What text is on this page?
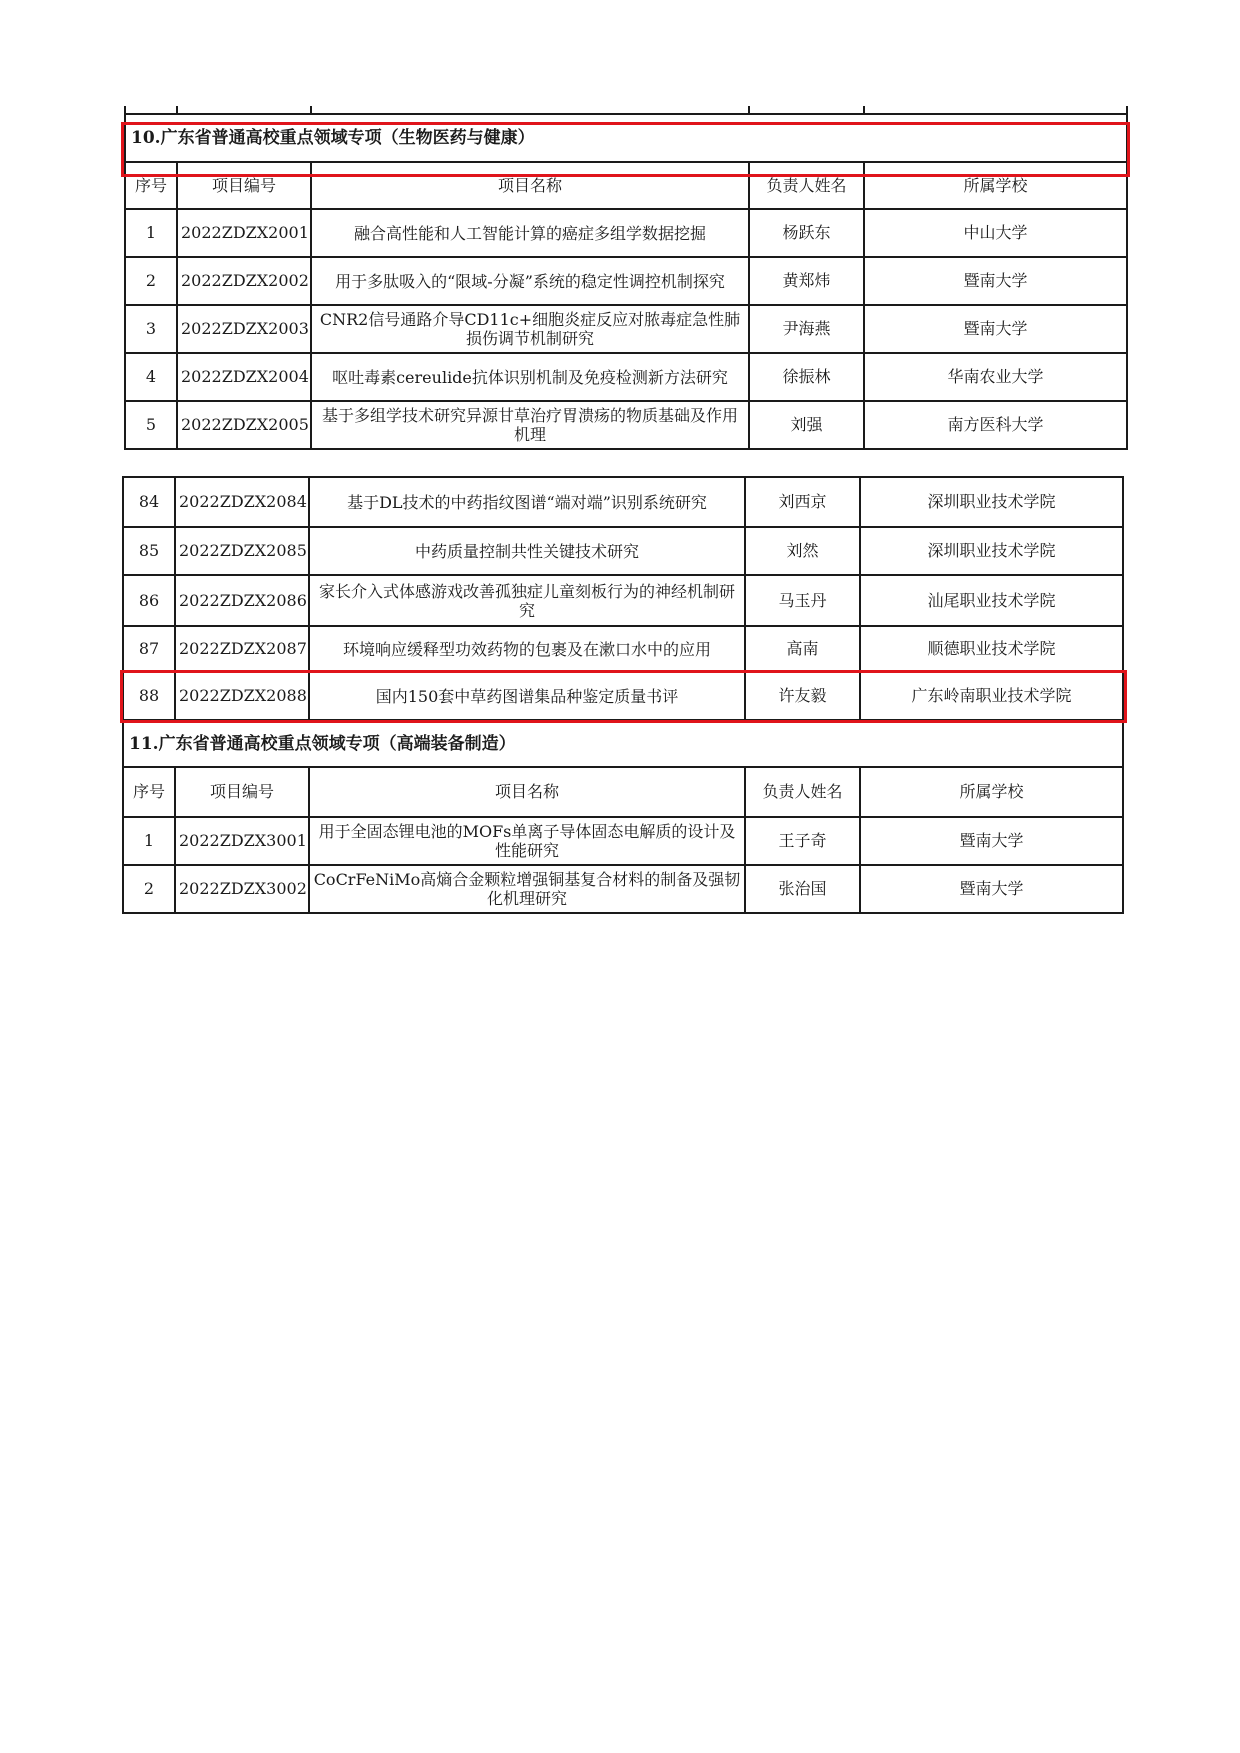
10.广东省普通高校重点领域专项（生物医药与健康）				
序号	项目编号	项目名称	负责人姓名	所属学校
1	2022ZDZX2001	融合高性能和人工智能计算的癌症多组学数据挖掘	杨跃东	中山大学
2	2022ZDZX2002	用于多肽吸入的“限域-分凝”系统的稳定性调控机制探究	黄郑炜	暨南大学
3	2022ZDZX2003	CNR2信号通路介导CD11c+细胞炎症反应对脓毒症急性肺损伤调节机制研究	尹海燕	暨南大学
4	2022ZDZX2004	呕吐毒素cereulide抗体识别机制及免疫检测新方法研究	徐振林	华南农业大学
5	2022ZDZX2005	基于多组学技术研究异源甘草治疗胃溃疡的物质基础及作用机理	刘强	南方医科大学
84	2022ZDZX2084	基于DL技术的中药指纹图谱“端对端”识别系统研究	刘西京	深圳职业技术学院
85	2022ZDZX2085	中药质量控制共性关键技术研究	刘然	深圳职业技术学院
86	2022ZDZX2086	家长介入式体感游戏改善孤独症儿童刻板行为的神经机制研究	马玉丹	汕尾职业技术学院
87	2022ZDZX2087	环境响应缓释型功效药物的包裹及在漱口水中的应用	高南	顺德职业技术学院
88	2022ZDZX2088	国内150套中草药图谱集品种鉴定质量书评	许友毅	广东岭南职业技术学院
11.广东省普通高校重点领域专项（高端装备制造）				
序号	项目编号	项目名称	负责人姓名	所属学校
1	2022ZDZX3001	用于全固态锂电池的MOFs单离子导体固态电解质的设计及性能研究	王子奇	暨南大学
2	2022ZDZX3002	CoCrFeNiMo高熵合金颗粒增强铜基复合材料的制备及强韧化机理研究	张治国	暨南大学
